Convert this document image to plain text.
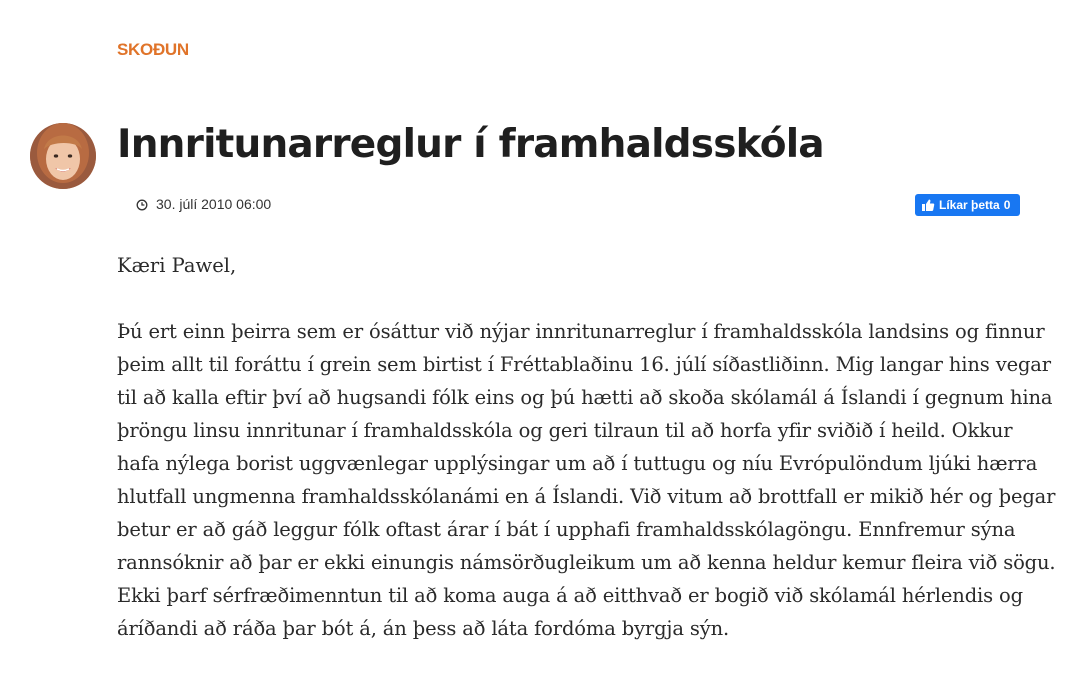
SKOÐUN
Innritunarreglur í framhaldsskóla
30. júlí 2010 06:00	Líkar þetta 0

Kæri Pawel,

Þú ert einn þeirra sem er ósáttur við nýjar innritunarreglur í framhaldsskóla landsins og finnur þeim allt til foráttu í grein sem birtist í Fréttablaðinu 16. júlí síðastliðinn. Mig langar hins vegar til að kalla eftir því að hugsandi fólk eins og þú hætti að skoða skólamál á Íslandi í gegnum hina þröngu linsu innritunar í framhaldsskóla og geri tilraun til að horfa yfir sviðið í heild. Okkur hafa nýlega borist uggvænlegar upplýsingar um að í tuttugu og níu Evrópulöndum ljúki hærra hlutfall ungmenna framhaldsskólanámi en á Íslandi. Við vitum að brottfall er mikið hér og þegar betur er að gáð leggur fólk oftast árar í bát í upphafi framhaldsskólagöngu. Ennfremur sýna rannsóknir að þar er ekki einungis námsörðugleikum um að kenna heldur kemur fleira við sögu. Ekki þarf sérfræðimenntun til að koma auga á að eitthvað er bogið við skólamál hérlendis og áríðandi að ráða þar bót á, án þess að láta fordóma byrgja sýn.
